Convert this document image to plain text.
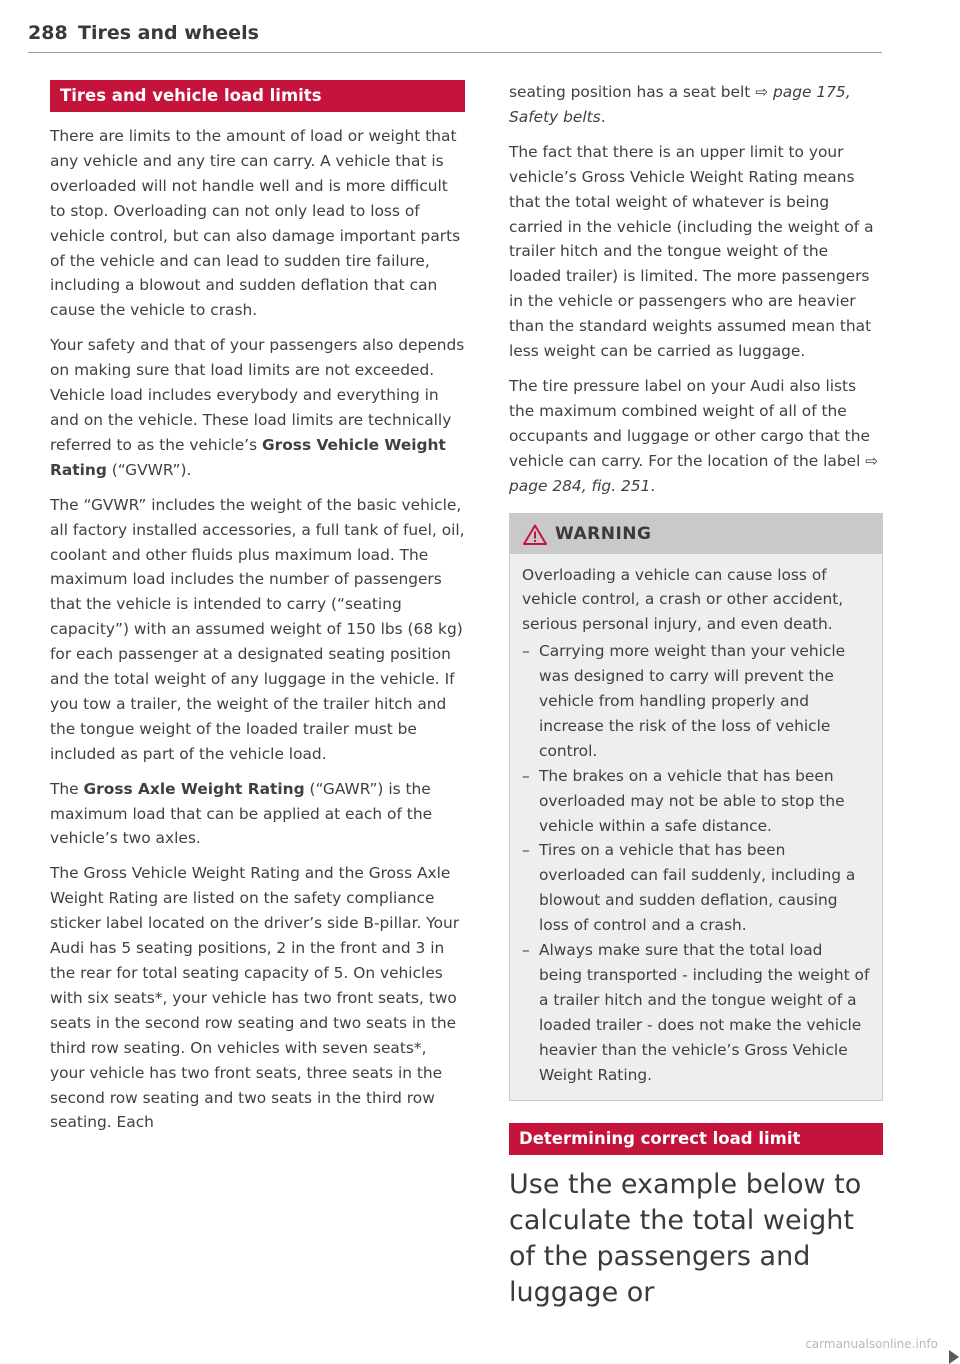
288 Tires and wheels
Tires and vehicle load limits

There are limits to the amount of load or weight that any vehicle and any tire can carry. A vehicle that is overloaded will not handle well and is more difficult to stop. Overloading can not only lead to loss of vehicle control, but can also damage important parts of the vehicle and can lead to sudden tire failure, including a blowout and sudden deflation that can cause the vehicle to crash.

Your safety and that of your passengers also depends on making sure that load limits are not exceeded. Vehicle load includes everybody and everything in and on the vehicle. These load limits are technically referred to as the vehicle’s Gross Vehicle Weight Rating (“GVWR”).

The “GVWR” includes the weight of the basic vehicle, all factory installed accessories, a full tank of fuel, oil, coolant and other fluids plus maximum load. The maximum load includes the number of passengers that the vehicle is intended to carry (“seating capacity”) with an assumed weight of 150 lbs (68 kg) for each passenger at a designated seating position and the total weight of any luggage in the vehicle. If you tow a trailer, the weight of the trailer hitch and the tongue weight of the loaded trailer must be included as part of the vehicle load.

The Gross Axle Weight Rating (“GAWR”) is the maximum load that can be applied at each of the vehicle’s two axles.

The Gross Vehicle Weight Rating and the Gross Axle Weight Rating are listed on the safety compliance sticker label located on the driver’s side B-pillar. Your Audi has 5 seating positions, 2 in the front and 3 in the rear for total seating capacity of 5. On vehicles with six seats*, your vehicle has two front seats, two seats in the second row seating and two seats in the third row seating. On vehicles with seven seats*, your vehicle has two front seats, three seats in the second row seating and two seats in the third row seating. Each

seating position has a seat belt ⇨ page 175, Safety belts.

The fact that there is an upper limit to your vehicle’s Gross Vehicle Weight Rating means that the total weight of whatever is being carried in the vehicle (including the weight of a trailer hitch and the tongue weight of the loaded trailer) is limited. The more passengers in the vehicle or passengers who are heavier than the standard weights assumed mean that less weight can be carried as luggage.

The tire pressure label on your Audi also lists the maximum combined weight of all of the occupants and luggage or other cargo that the vehicle can carry. For the location of the label ⇨ page 284, fig. 251.

WARNING

Overloading a vehicle can cause loss of vehicle control, a crash or other accident, serious personal injury, and even death.

– Carrying more weight than your vehicle was designed to carry will prevent the vehicle from handling properly and increase the risk of the loss of vehicle control.
– The brakes on a vehicle that has been overloaded may not be able to stop the vehicle within a safe distance.
– Tires on a vehicle that has been overloaded can fail suddenly, including a blowout and sudden deflation, causing loss of control and a crash.
– Always make sure that the total load being transported - including the weight of a trailer hitch and the tongue weight of a loaded trailer - does not make the vehicle heavier than the vehicle’s Gross Vehicle Weight Rating.
Determining correct load limit
Use the example below to calculate the total weight of the passengers and luggage or
carmanualsonline.info
